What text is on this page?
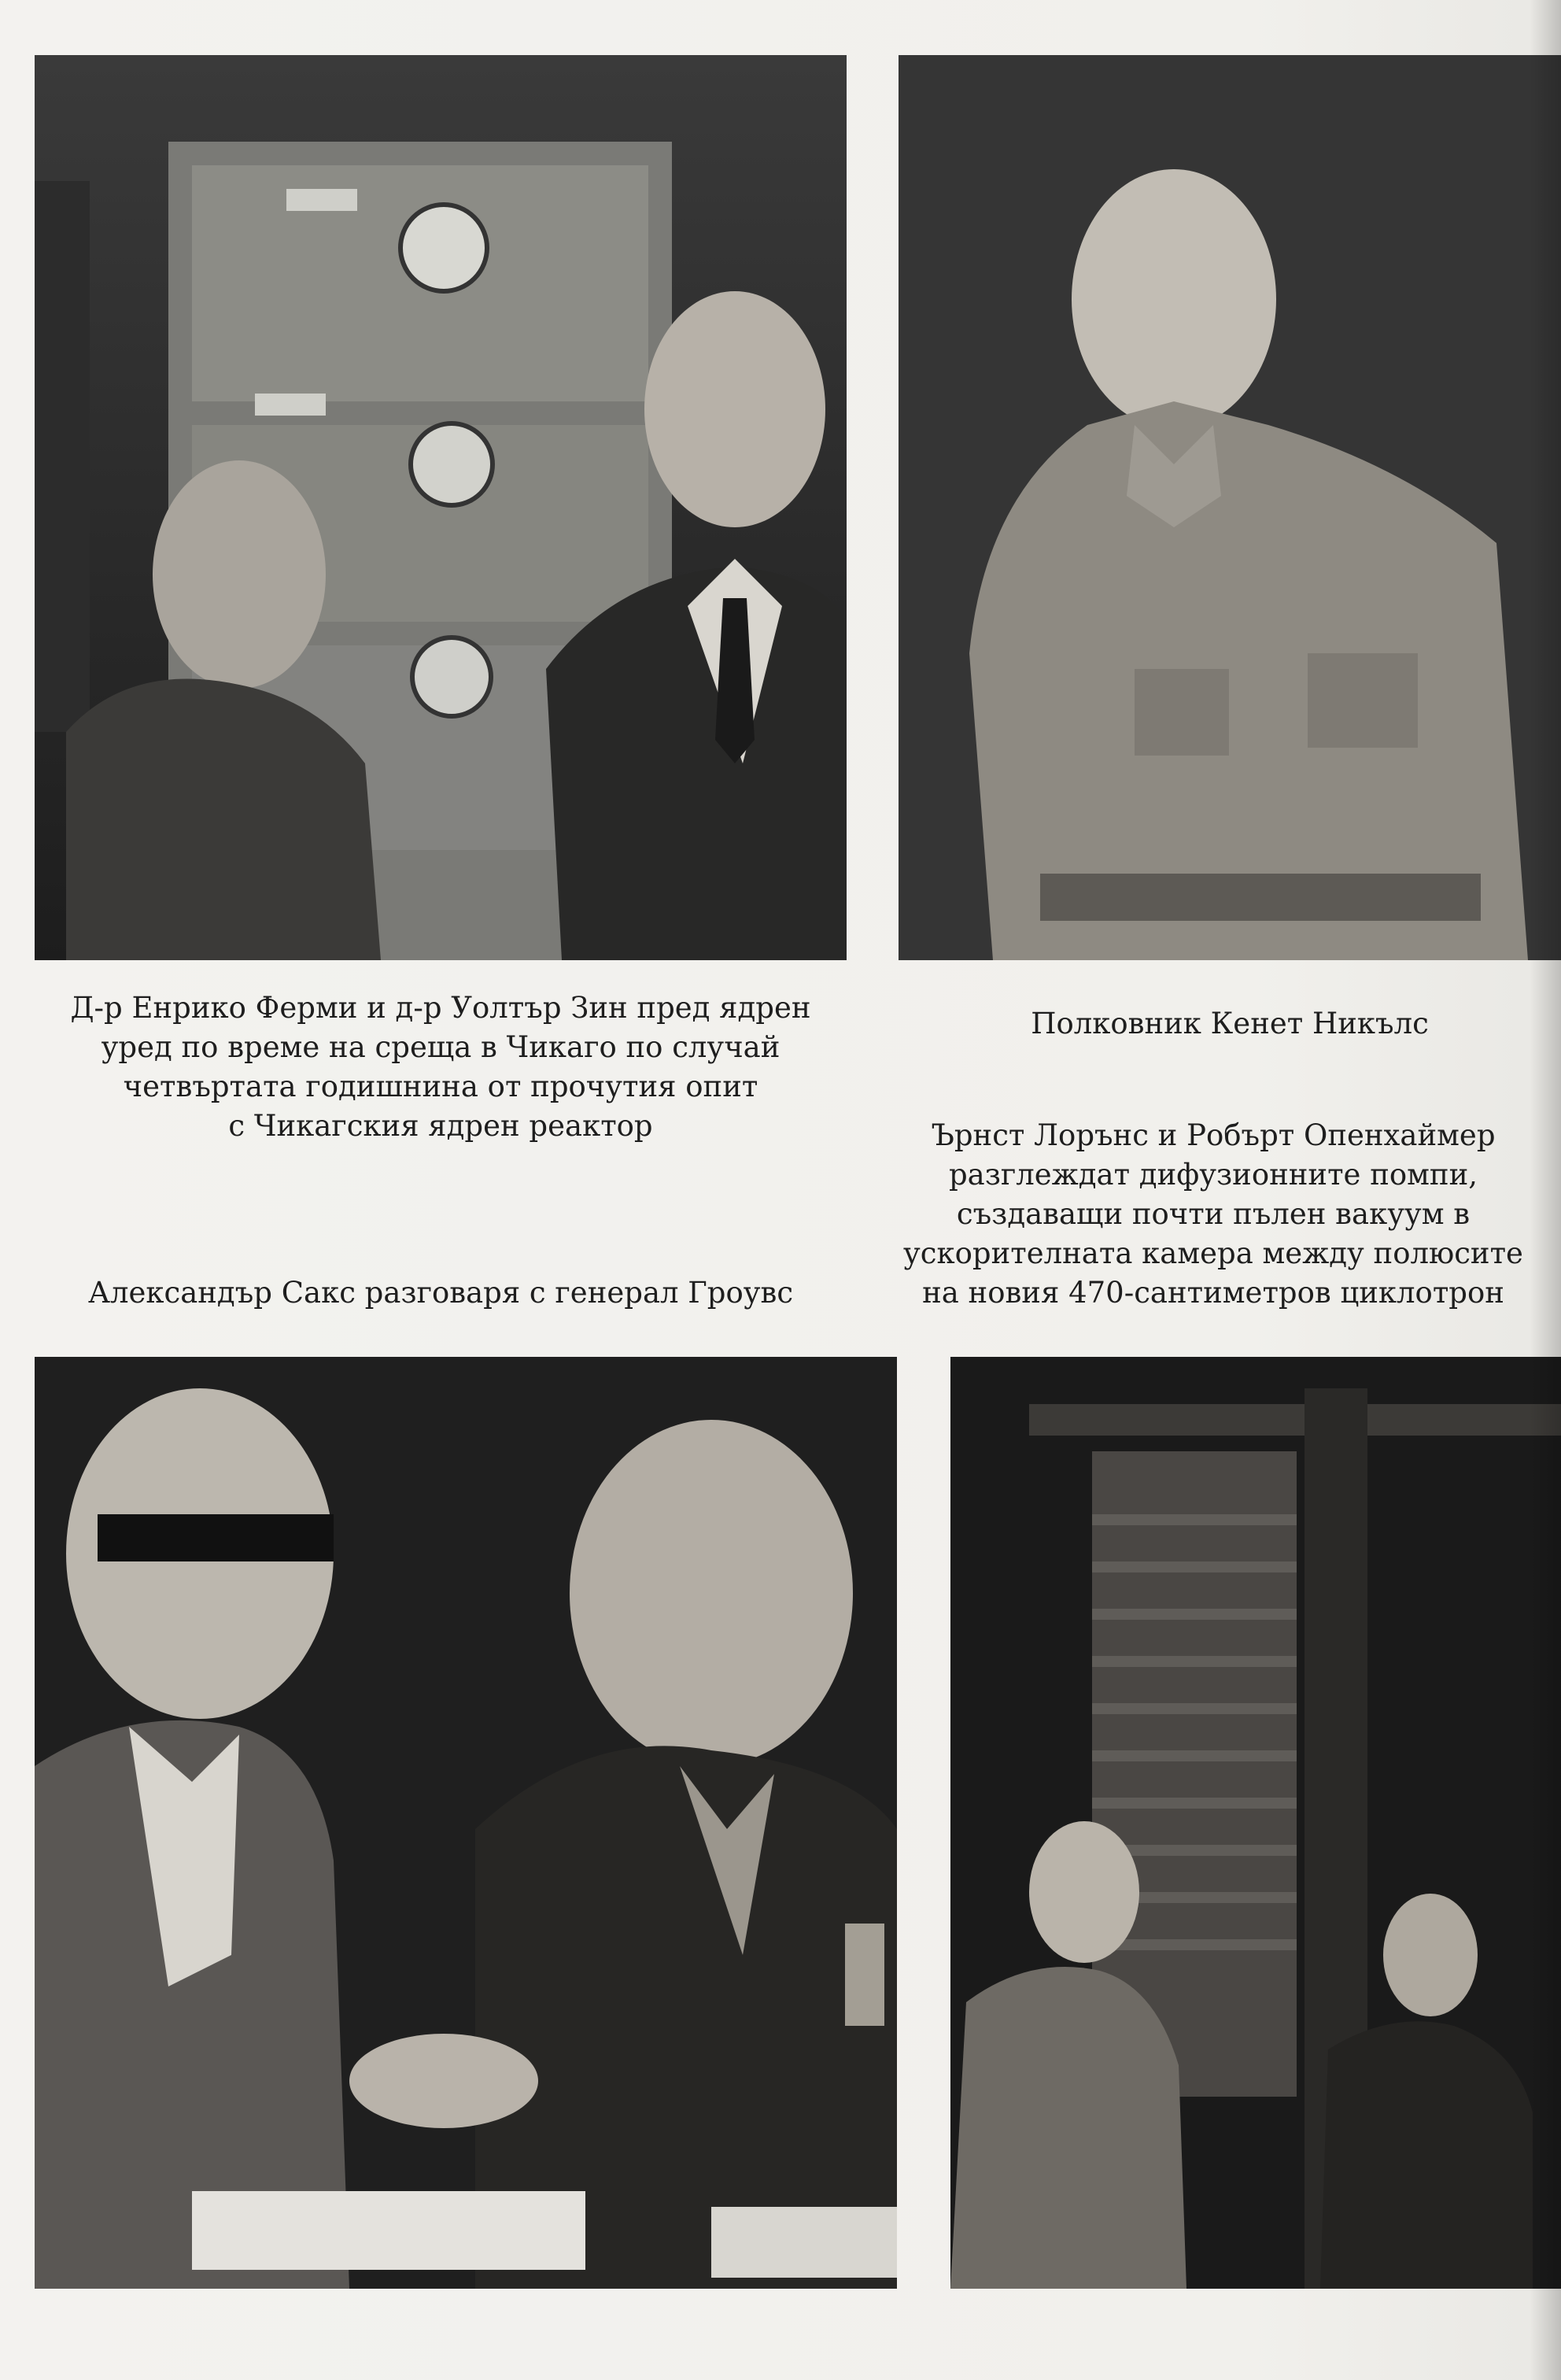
Д-р Енрико Ферми и д-р Уолтър Зин пред ядрен
уред по време на среща в Чикаго по случай
четвъртата годишнина от прочутия опит
с Чикагския ядрен реактор
Полковник Кенет Никълс
Ърнст Лорънс и Робърт Опенхаймер
разглеждат дифузионните помпи,
създаващи почти пълен вакуум в
ускорителната камера между полюсите
на новия 470-сантиметров циклотрон
Александър Сакс разговаря с генерал Гроувс
